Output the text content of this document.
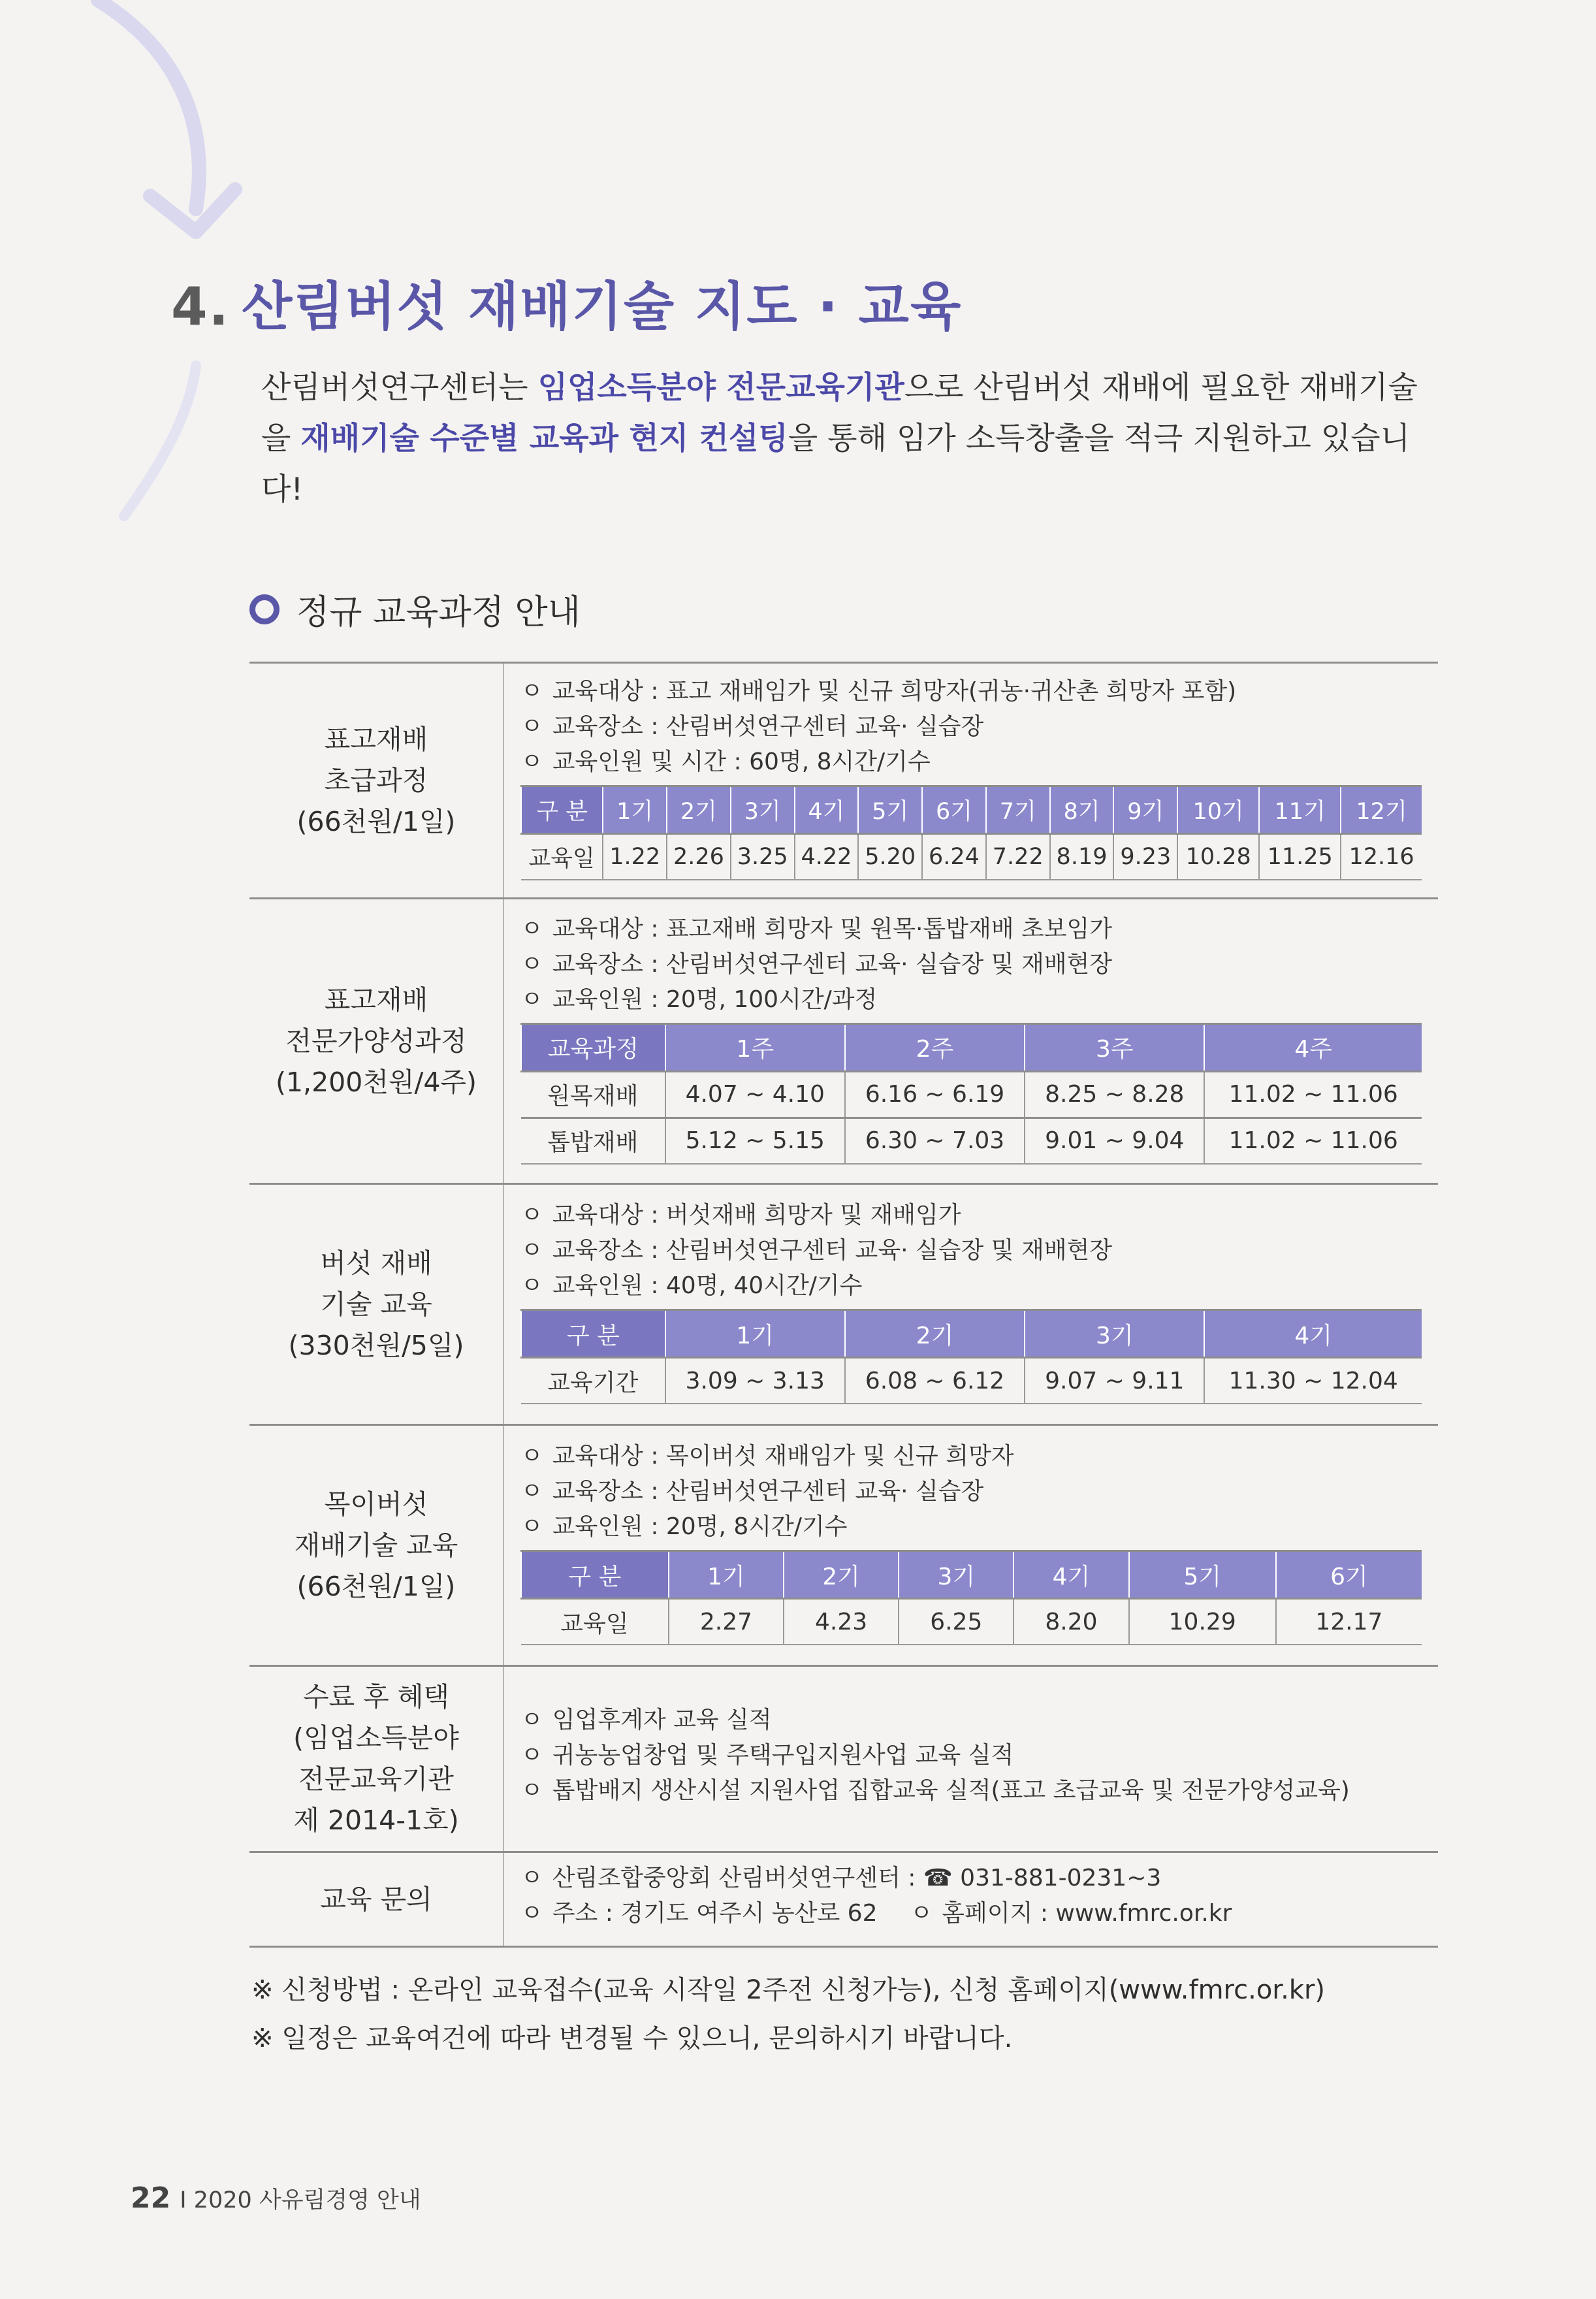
4. 산림버섯 재배기술 지도 · 교육
산림버섯연구센터는 임업소득분야 전문교육기관으로 산림버섯 재배에 필요한 재배기술을 재배기술 수준별 교육과 현지 컨설팅을 통해 임가 소득창출을 적극 지원하고 있습니다!
정규 교육과정 안내
표고재배
초급과정
(66천원/1일)

ㅇ 교육대상 : 표고 재배임가 및 신규 희망자(귀농·귀산촌 희망자 포함)
ㅇ 교육장소 : 산림버섯연구센터 교육· 실습장
ㅇ 교육인원 및 시간 : 60명, 8시간/기수
구 분	1기	2기	3기	4기	5기	6기	7기	8기	9기	10기	11기	12기
교육일	1.22	2.26	3.25	4.22	5.20	6.24	7.22	8.19	9.23	10.28	11.25	12.16

표고재배
전문가양성과정
(1,200천원/4주)

ㅇ 교육대상 : 표고재배 희망자 및 원목·톱밥재배 초보임가
ㅇ 교육장소 : 산림버섯연구센터 교육· 실습장 및 재배현장
ㅇ 교육인원 : 20명, 100시간/과정
교육과정	1주	2주	3주	4주
원목재배	4.07 ~ 4.10	6.16 ~ 6.19	8.25 ~ 8.28	11.02 ~ 11.06
톱밥재배	5.12 ~ 5.15	6.30 ~ 7.03	9.01 ~ 9.04	11.02 ~ 11.06

버섯 재배
기술 교육
(330천원/5일)

ㅇ 교육대상 : 버섯재배 희망자 및 재배임가
ㅇ 교육장소 : 산림버섯연구센터 교육· 실습장 및 재배현장
ㅇ 교육인원 : 40명, 40시간/기수
구 분	1기	2기	3기	4기
교육기간	3.09 ~ 3.13	6.08 ~ 6.12	9.07 ~ 9.11	11.30 ~ 12.04

목이버섯
재배기술 교육
(66천원/1일)

ㅇ 교육대상 : 목이버섯 재배임가 및 신규 희망자
ㅇ 교육장소 : 산림버섯연구센터 교육· 실습장
ㅇ 교육인원 : 20명, 8시간/기수
구 분	1기	2기	3기	4기	5기	6기
교육일	2.27	4.23	6.25	8.20	10.29	12.17

수료 후 혜택
(임업소득분야
전문교육기관
제 2014-1호)

ㅇ 임업후계자 교육 실적
ㅇ 귀농농업창업 및 주택구입지원사업 교육 실적
ㅇ 톱밥배지 생산시설 지원사업 집합교육 실적(표고 초급교육 및 전문가양성교육)

교육 문의

ㅇ 산림조합중앙회 산림버섯연구센터 : ☎ 031-881-0231~3
ㅇ 주소 : 경기도 여주시 농산로 62 ㅇ 홈페이지 : www.fmrc.or.kr
※ 신청방법 : 온라인 교육접수(교육 시작일 2주전 신청가능), 신청 홈페이지(www.fmrc.or.kr)
※ 일정은 교육여건에 따라 변경될 수 있으니, 문의하시기 바랍니다.
22 I 2020 사유림경영 안내
